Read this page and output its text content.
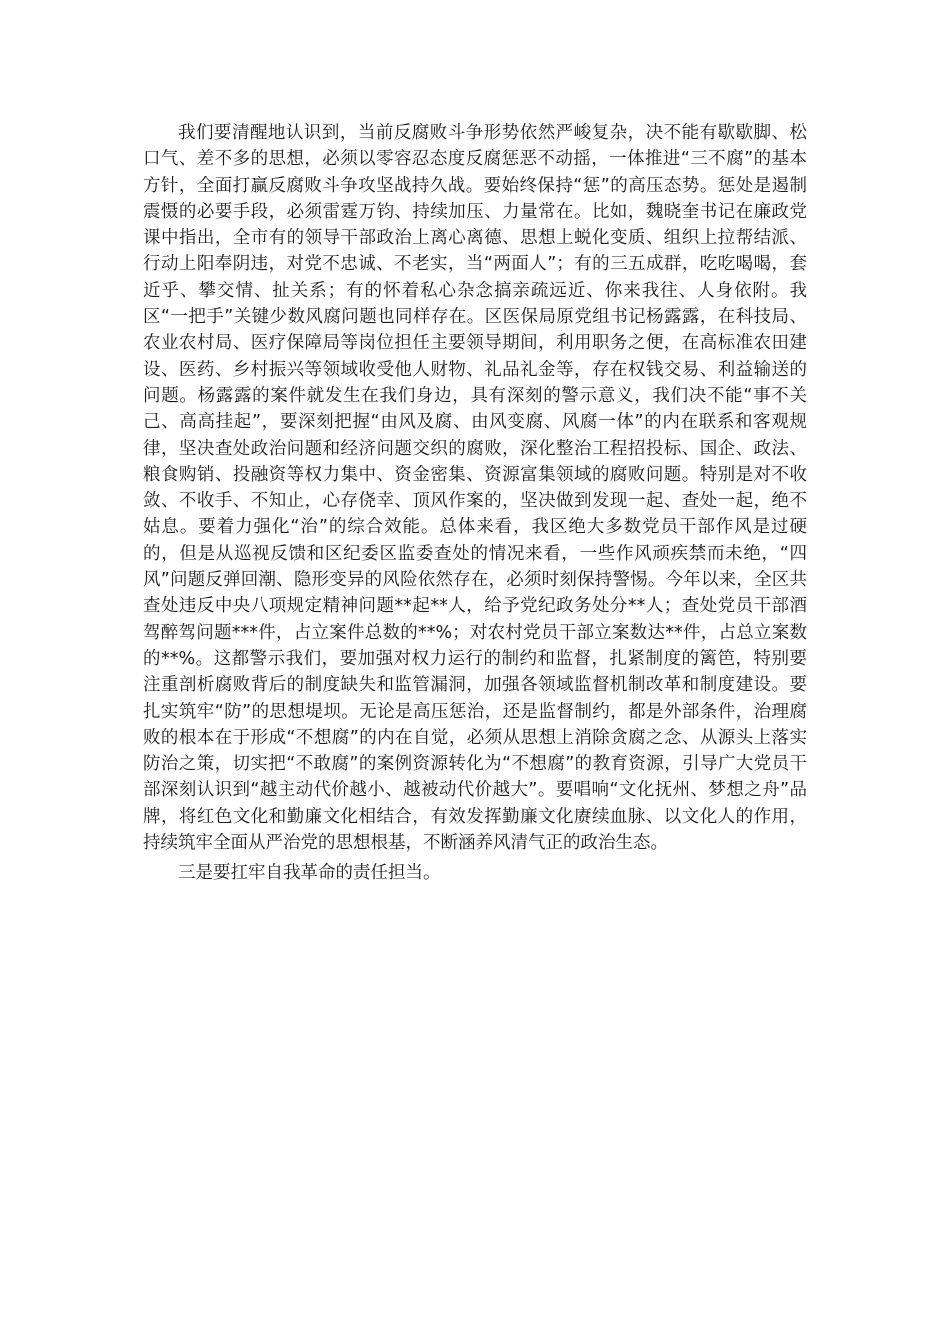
我们要清醒地认识到，当前反腐败斗争形势依然严峻复杂，决不能有歇歇脚、松口气、差不多的思想，必须以零容忍态度反腐惩恶不动摇，一体推进“三不腐”的基本方针，全面打赢反腐败斗争攻坚战持久战。要始终保持“惩”的高压态势。惩处是遏制震慑的必要手段，必须雷霆万钧、持续加压、力量常在。比如，魏晓奎书记在廉政党课中指出，全市有的领导干部政治上离心离德、思想上蜕化变质、组织上拉帮结派、行动上阳奉阴违，对党不忠诚、不老实，当“两面人”；有的三五成群，吃吃喝喝，套近乎、攀交情、扯关系；有的怀着私心杂念搞亲疏远近、你来我往、人身依附。我区“一把手”关键少数风腐问题也同样存在。区医保局原党组书记杨露露，在科技局、农业农村局、医疗保障局等岗位担任主要领导期间，利用职务之便，在高标准农田建设、医药、乡村振兴等领域收受他人财物、礼品礼金等，存在权钱交易、利益输送的问题。杨露露的案件就发生在我们身边，具有深刻的警示意义，我们决不能“事不关己、高高挂起”，要深刻把握“由风及腐、由风变腐、风腐一体”的内在联系和客观规律，坚决查处政治问题和经济问题交织的腐败，深化整治工程招投标、国企、政法、粮食购销、投融资等权力集中、资金密集、资源富集领域的腐败问题。特别是对不收敛、不收手、不知止，心存侥幸、顶风作案的，坚决做到发现一起、查处一起，绝不姑息。要着力强化“治”的综合效能。总体来看，我区绝大多数党员干部作风是过硬的，但是从巡视反馈和区纪委区监委查处的情况来看，一些作风顽疾禁而未绝，“四风”问题反弹回潮、隐形变异的风险依然存在，必须时刻保持警惕。今年以来，全区共查处违反中央八项规定精神问题**起**人，给予党纪政务处分**人；查处党员干部酒驾醉驾问题***件，占立案件总数的**%；对农村党员干部立案数达**件，占总立案数的**%。这都警示我们，要加强对权力运行的制约和监督，扎紧制度的篱笆，特别要注重剖析腐败背后的制度缺失和监管漏洞，加强各领域监督机制改革和制度建设。要扎实筑牢“防”的思想堤坝。无论是高压惩治，还是监督制约，都是外部条件，治理腐败的根本在于形成“不想腐”的内在自觉，必须从思想上消除贪腐之念、从源头上落实防治之策，切实把“不敢腐”的案例资源转化为“不想腐”的教育资源，引导广大党员干部深刻认识到“越主动代价越小、越被动代价越大”。要唱响“文化抚州、梦想之舟”品牌，将红色文化和勤廉文化相结合，有效发挥勤廉文化赓续血脉、以文化人的作用，持续筑牢全面从严治党的思想根基，不断涵养风清气正的政治生态。

三是要扛牢自我革命的责任担当。
